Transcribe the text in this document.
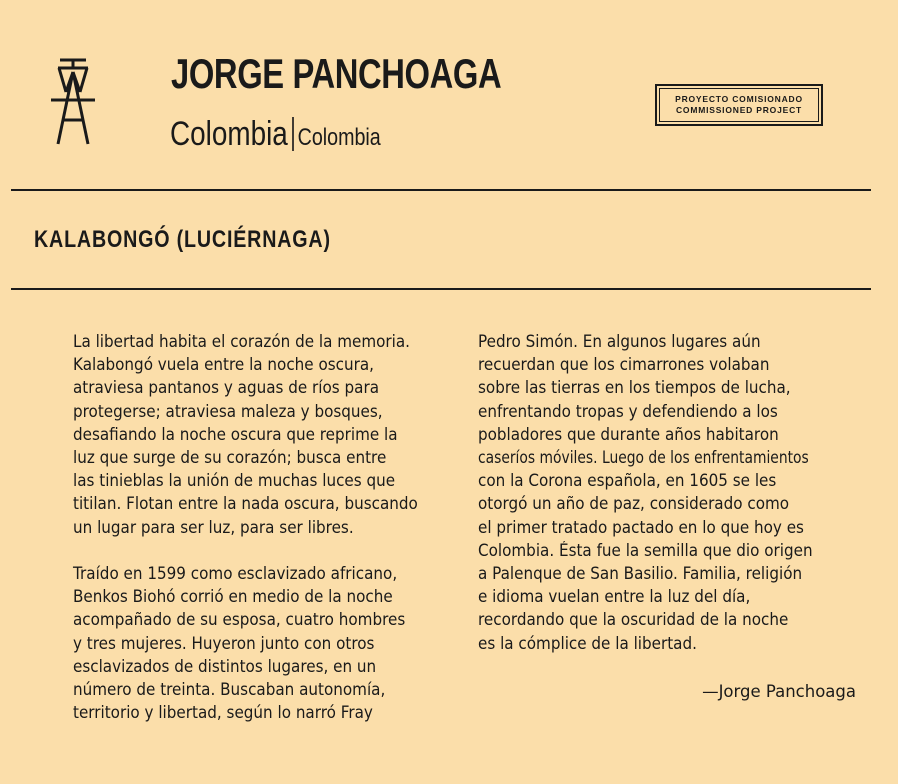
JORGE PANCHOAGA
Colombia Colombia
PROYECTO COMISIONADO
COMMISSIONED PROJECT
KALABONGÓ (LUCIÉRNAGA)
La libertad habita el corazón de la memoria.
Kalabongó vuela entre la noche oscura,
atraviesa pantanos y aguas de ríos para
protegerse; atraviesa maleza y bosques,
desafiando la noche oscura que reprime la
luz que surge de su corazón; busca entre
las tinieblas la unión de muchas luces que
titilan. Flotan entre la nada oscura, buscando
un lugar para ser luz, para ser libres.
Traído en 1599 como esclavizado africano,
Benkos Biohó corrió en medio de la noche
acompañado de su esposa, cuatro hombres
y tres mujeres. Huyeron junto con otros
esclavizados de distintos lugares, en un
número de treinta. Buscaban autonomía,
territorio y libertad, según lo narró Fray
Pedro Simón. En algunos lugares aún
recuerdan que los cimarrones volaban
sobre las tierras en los tiempos de lucha,
enfrentando tropas y defendiendo a los
pobladores que durante años habitaron
caseríos móviles. Luego de los enfrentamientos
con la Corona española, en 1605 se les
otorgó un año de paz, considerado como
el primer tratado pactado en lo que hoy es
Colombia. Ésta fue la semilla que dio origen
a Palenque de San Basilio. Familia, religión
e idioma vuelan entre la luz del día,
recordando que la oscuridad de la noche
es la cómplice de la libertad.
—Jorge Panchoaga
